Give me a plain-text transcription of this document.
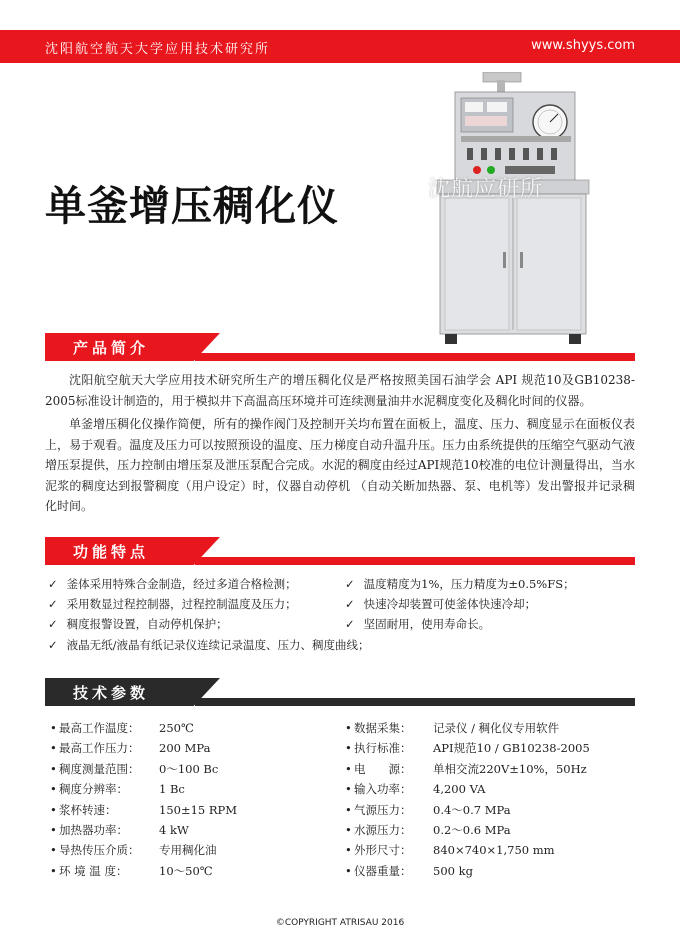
沈阳航空航天大学应用技术研究所	www.shyys.com
单釜增压稠化仪	沈航应研所
产品简介

沈阳航空航天大学应用技术研究所生产的增压稠化仪是严格按照美国石油学会 API 规范10及GB10238-2005标准设计制造的，用于模拟井下高温高压环境并可连续测量油井水泥稠度变化及稠化时间的仪器。

单釜增压稠化仪操作简便，所有的操作阀门及控制开关均布置在面板上，温度、压力、稠度显示在面板仪表上，易于观看。温度及压力可以按照预设的温度、压力梯度自动升温升压。压力由系统提供的压缩空气驱动气液增压泵提供，压力控制由增压泵及泄压泵配合完成。水泥的稠度由经过API规范10校准的电位计测量得出，当水泥浆的稠度达到报警稠度（用户设定）时，仪器自动停机 （自动关断加热器、泵、电机等）发出警报并记录稠化时间。

功能特点
✓ 釜体采用特殊合金制造，经过多道合格检测；
✓ 采用数显过程控制器，过程控制温度及压力；
✓ 稠度报警设置，自动停机保护；
✓ 液晶无纸/液晶有纸记录仪连续记录温度、压力、稠度曲线；
✓ 温度精度为1%，压力精度为±0.5%FS；
✓ 快速冷却装置可使釜体快速冷却；
✓ 坚固耐用，使用寿命长。
技术参数
• 最高工作温度： 250℃
• 最高工作压力： 200 MPa
• 稠度测量范围： 0～100 Bc
• 稠度分辨率：	1 Bc
• 浆杯转速：	150±15 RPM
• 加热器功率：	4 kW
• 导热传压介质： 专用稠化油
• 环 境 温 度：	10～50℃
• 数据采集： 记录仪 / 稠化仪专用软件
• 执行标准： API规范10 / GB10238-2005
• 电　　源： 单相交流220V±10%，50Hz
• 输入功率： 4,200 VA
• 气源压力： 0.4～0.7 MPa
• 水源压力： 0.2～0.6 MPa
• 外形尺寸： 840×740×1,750 mm
• 仪器重量： 500 kg
©COPYRIGHT ATRISAU 2016
